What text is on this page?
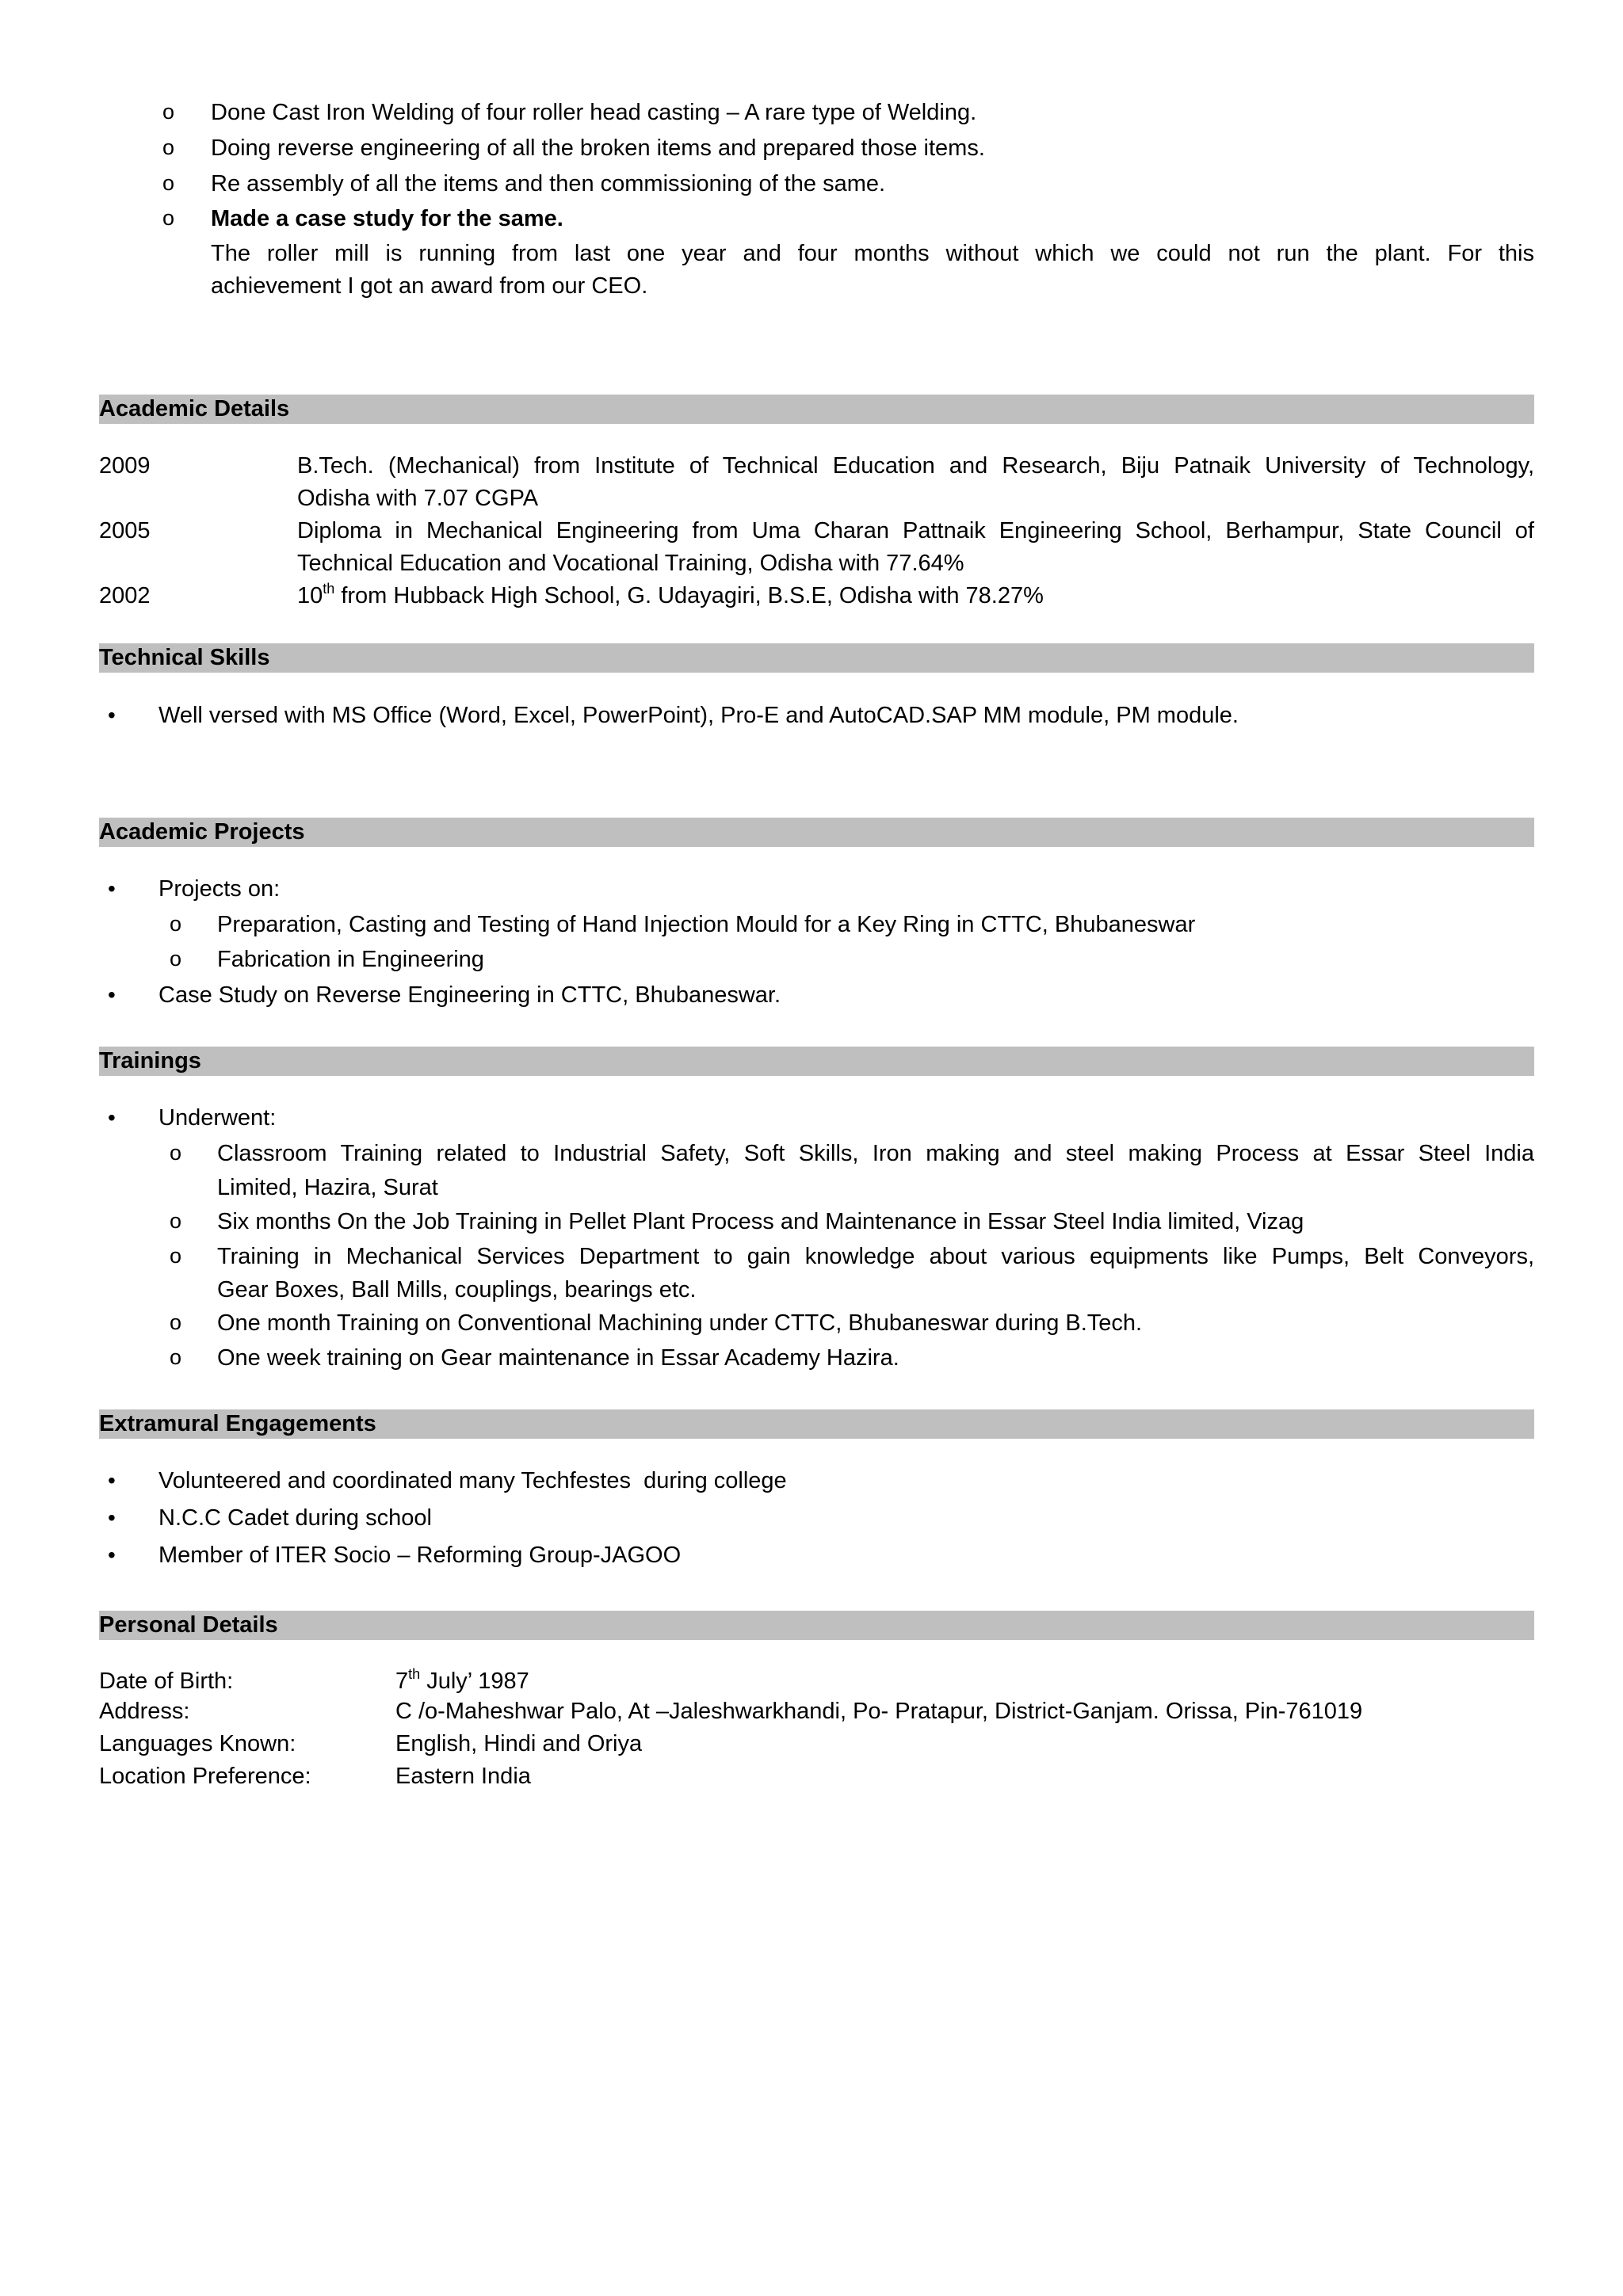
o Done Cast Iron Welding of four roller head casting – A rare type of Welding.
o Doing reverse engineering of all the broken items and prepared those items.
o Re assembly of all the items and then commissioning of the same.
o Made a case study for the same.
The roller mill is running from last one year and four months without which we could not run the plant. For this
achievement I got an award from our CEO.
Academic Details
2009	B.Tech. (Mechanical) from Institute of Technical Education and Research, Biju Patnaik University of Technology,
Odisha with 7.07 CGPA
2005	Diploma in Mechanical Engineering from Uma Charan Pattnaik Engineering School, Berhampur, State Council of
Technical Education and Vocational Training, Odisha with 77.64%
2002	10th from Hubback High School, G. Udayagiri, B.S.E, Odisha with 78.27%
Technical Skills
• Well versed with MS Office (Word, Excel, PowerPoint), Pro-E and AutoCAD.SAP MM module, PM module.
Academic Projects
• Projects on:
o Preparation, Casting and Testing of Hand Injection Mould for a Key Ring in CTTC, Bhubaneswar
o Fabrication in Engineering
• Case Study on Reverse Engineering in CTTC, Bhubaneswar.
Trainings
• Underwent:
o Classroom Training related to Industrial Safety, Soft Skills, Iron making and steel making Process at Essar Steel India
Limited, Hazira, Surat
o Six months On the Job Training in Pellet Plant Process and Maintenance in Essar Steel India limited, Vizag
o Training in Mechanical Services Department to gain knowledge about various equipments like Pumps, Belt Conveyors,
Gear Boxes, Ball Mills, couplings, bearings etc.
o One month Training on Conventional Machining under CTTC, Bhubaneswar during B.Tech.
o One week training on Gear maintenance in Essar Academy Hazira.
Extramural Engagements
• Volunteered and coordinated many Techfestes  during college
• N.C.C Cadet during school
• Member of ITER Socio – Reforming Group-JAGOO
Personal Details
Date of Birth:	7th July’ 1987
Address:	C /o-Maheshwar Palo, At –Jaleshwarkhandi, Po- Pratapur, District-Ganjam. Orissa, Pin-761019
Languages Known:	English, Hindi and Oriya
Location Preference:	Eastern India
